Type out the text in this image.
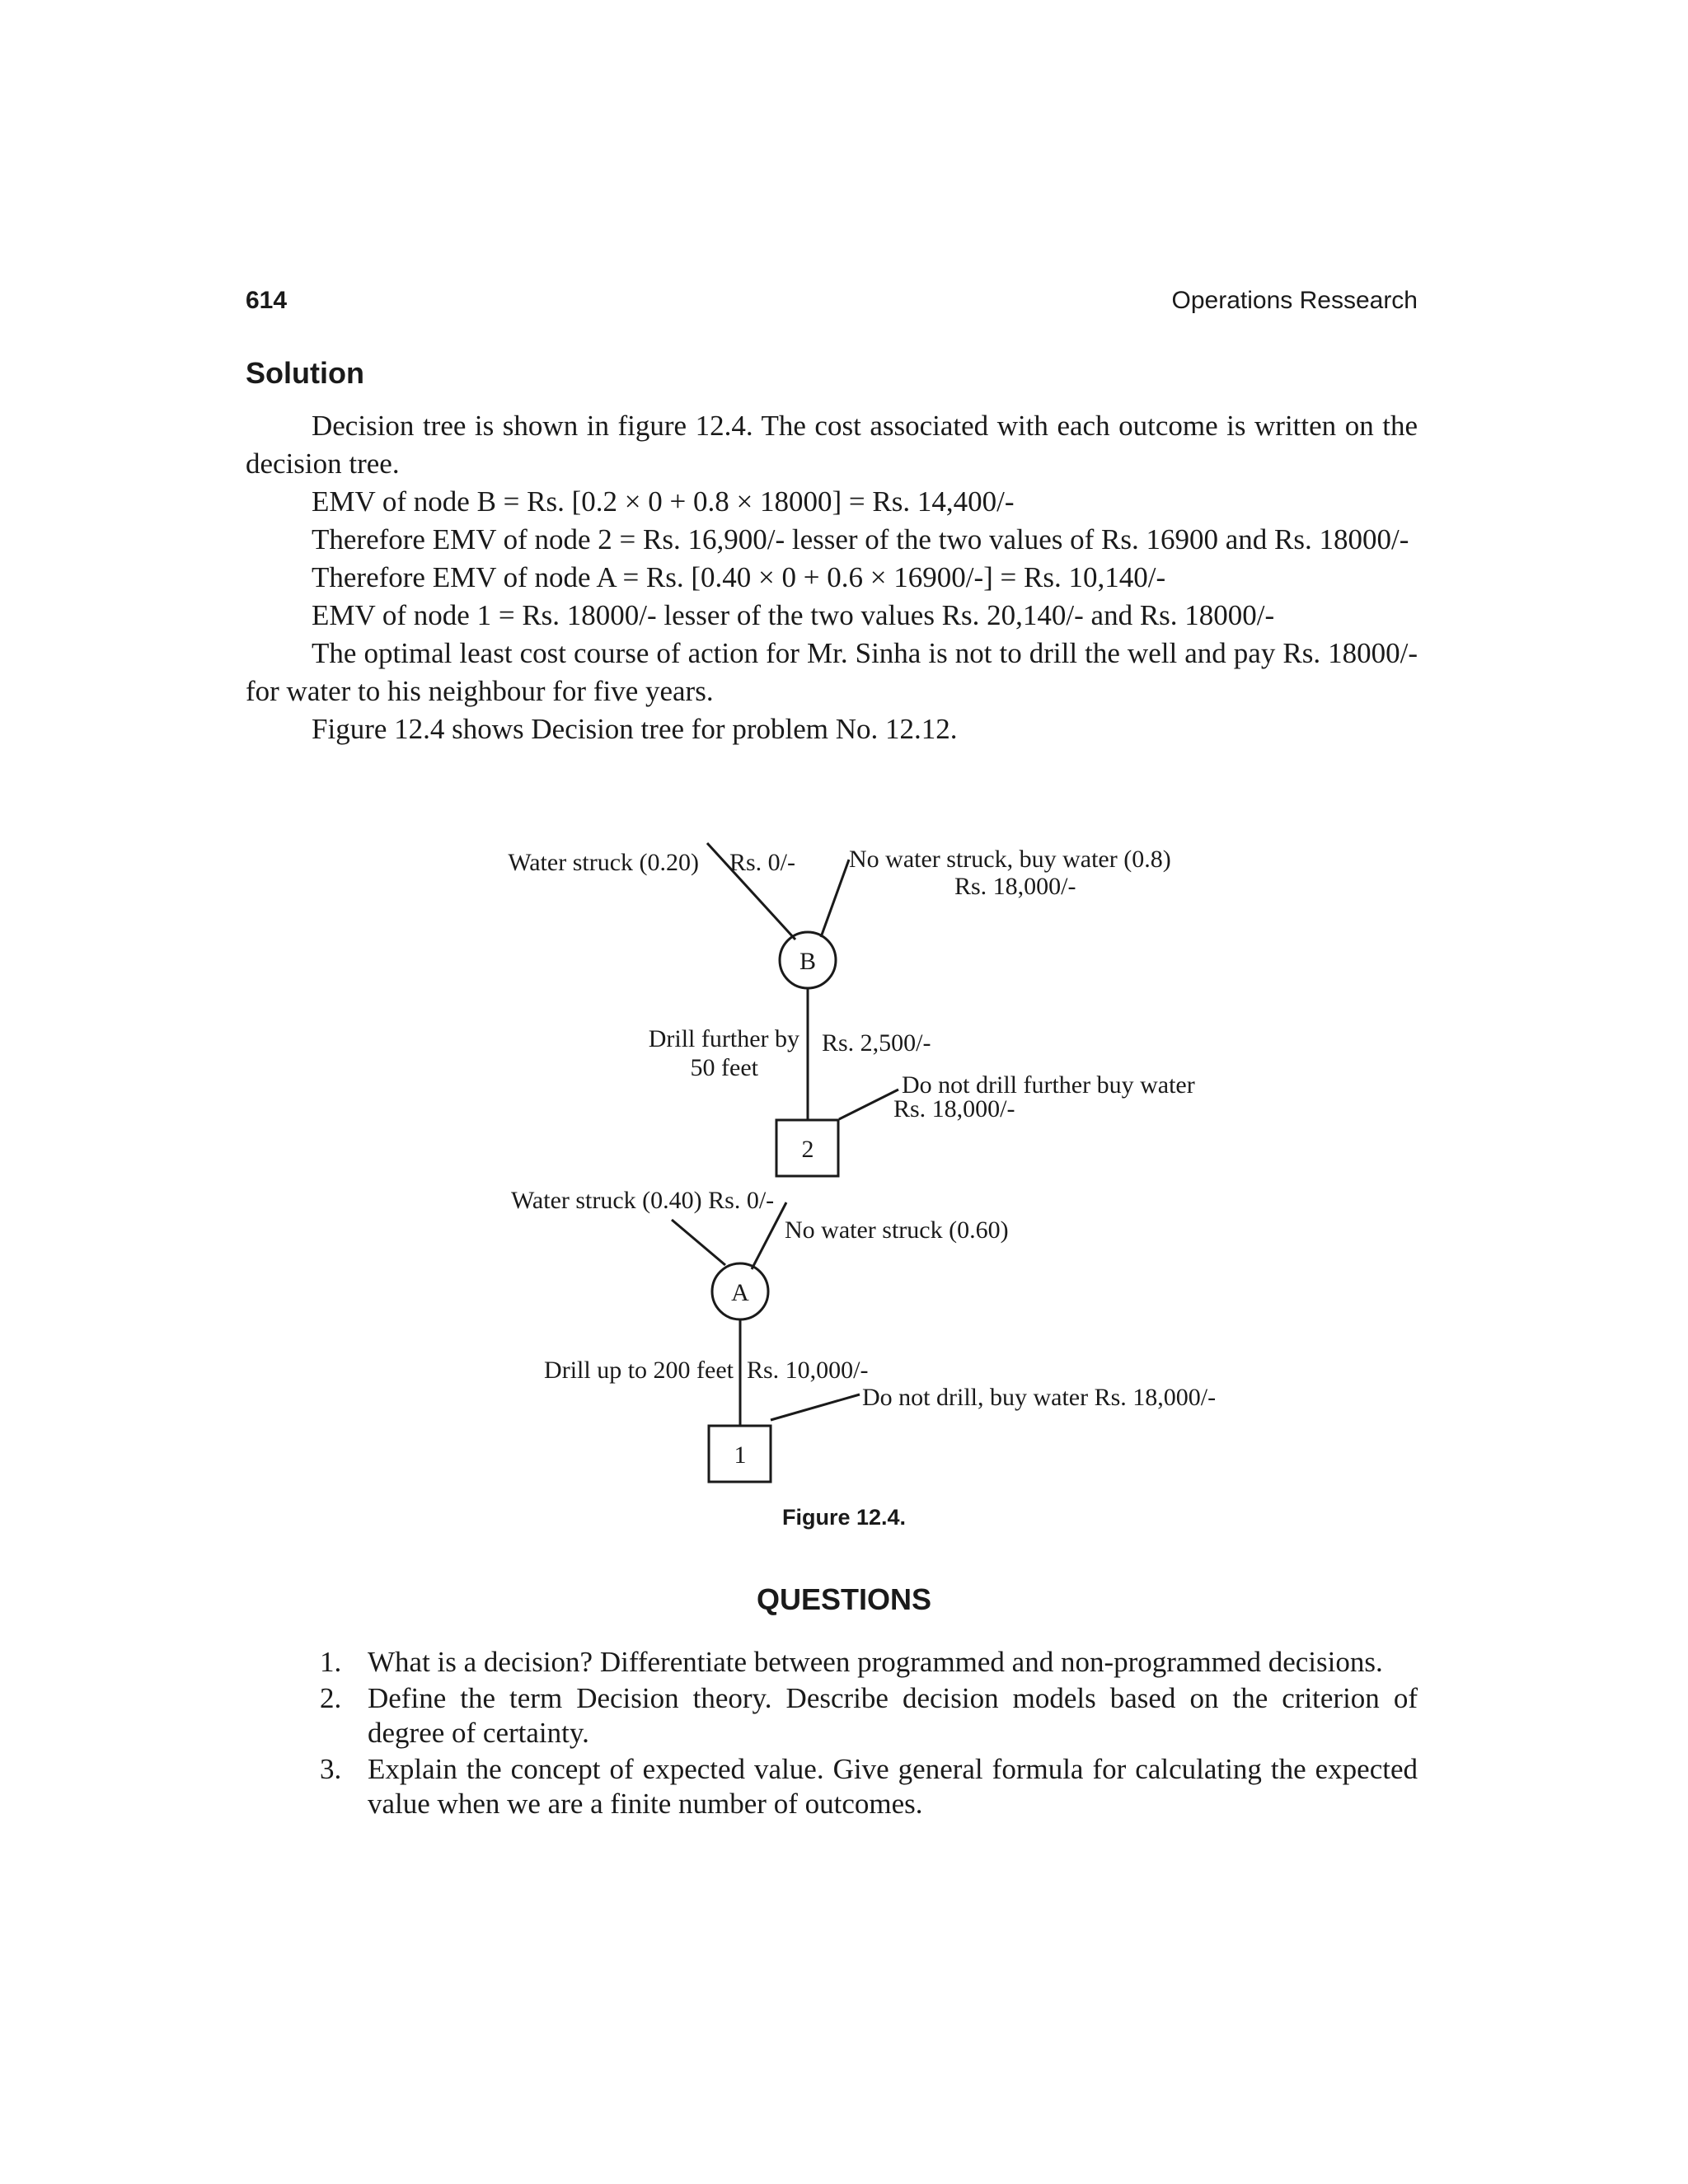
614	Operations Ressearch
Solution

Decision tree is shown in figure 12.4. The cost associated with each outcome is written on the decision tree.

EMV of node B = Rs. [0.2 × 0 + 0.8 × 18000] = Rs. 14,400/-

Therefore EMV of node 2 = Rs. 16,900/- lesser of the two values of Rs. 16900 and Rs. 18000/-

Therefore EMV of node A = Rs. [0.40 × 0 + 0.6 × 16900/-] = Rs. 10,140/-

EMV of node 1 = Rs. 18000/- lesser of the two values Rs. 20,140/- and Rs. 18000/-

The optimal least cost course of action for Mr. Sinha is not to drill the well and pay Rs. 18000/- for water to his neighbour for five years.

Figure 12.4 shows Decision tree for problem No. 12.12.

B
2
A
1
Water struck (0.20) Rs. 0/- No water struck, buy water (0.8)
Rs. 18,000/-
Drill further by
50 feet
Rs. 2,500/-
Do not drill further buy water
Rs. 18,000/-
Water struck (0.40) Rs. 0/-
No water struck (0.60)
Drill up to 200 feet Rs. 10,000/-
Do not drill, buy water Rs. 18,000/-
Figure 12.4.
QUESTIONS
1. What is a decision? Differentiate between programmed and non-programmed decisions.
2. Define the term Decision theory. Describe decision models based on the criterion of degree of certainty.
3. Explain the concept of expected value. Give general formula for calculating the expected value when we are a finite number of outcomes.
